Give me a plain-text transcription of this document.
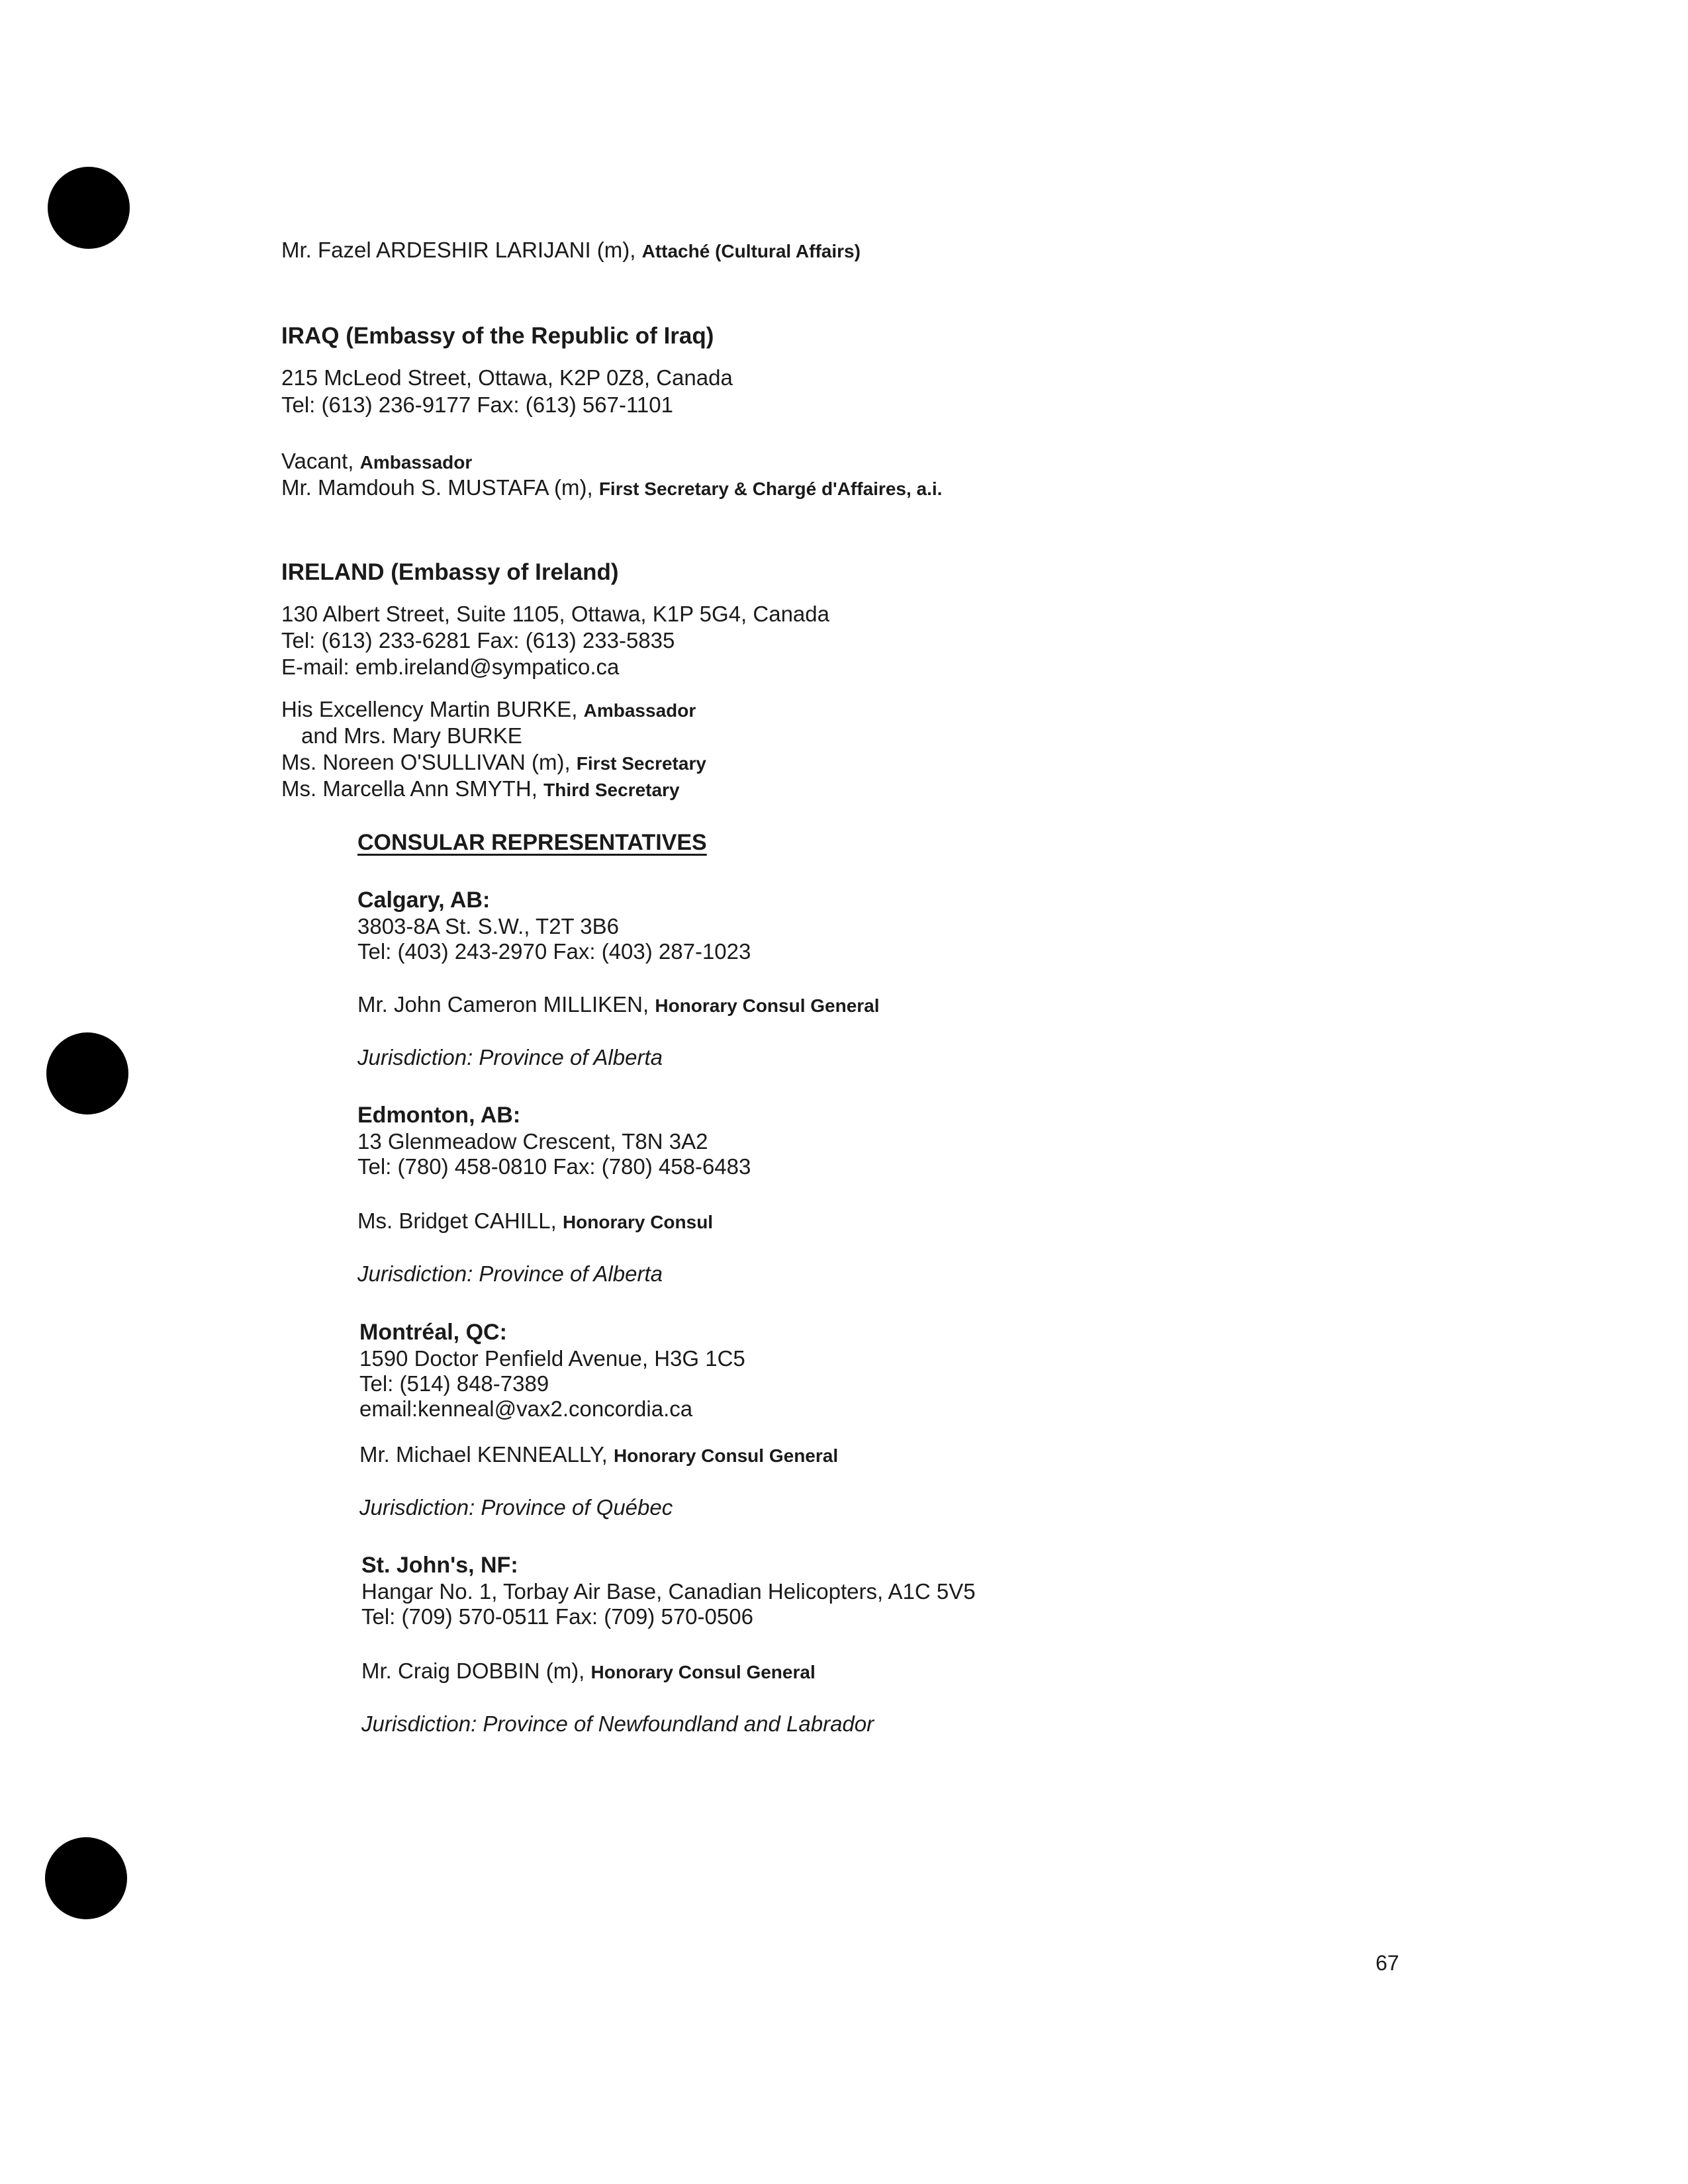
Mr. Fazel ARDESHIR LARIJANI (m), Attaché (Cultural Affairs)
IRAQ (Embassy of the Republic of Iraq)
215 McLeod Street, Ottawa, K2P 0Z8, Canada
Tel: (613) 236-9177 Fax: (613) 567-1101
Vacant, Ambassador
Mr. Mamdouh S. MUSTAFA (m), First Secretary & Chargé d'Affaires, a.i.
IRELAND (Embassy of Ireland)
130 Albert Street, Suite 1105, Ottawa, K1P 5G4, Canada
Tel: (613) 233-6281 Fax: (613) 233-5835
E-mail: emb.ireland@sympatico.ca
His Excellency Martin BURKE, Ambassador
and Mrs. Mary BURKE
Ms. Noreen O'SULLIVAN (m), First Secretary
Ms. Marcella Ann SMYTH, Third Secretary
CONSULAR REPRESENTATIVES
Calgary, AB:
3803-8A St. S.W., T2T 3B6
Tel: (403) 243-2970 Fax: (403) 287-1023
Mr. John Cameron MILLIKEN, Honorary Consul General
Jurisdiction: Province of Alberta
Edmonton, AB:
13 Glenmeadow Crescent, T8N 3A2
Tel: (780) 458-0810 Fax: (780) 458-6483
Ms. Bridget CAHILL, Honorary Consul
Jurisdiction: Province of Alberta
Montréal, QC:
1590 Doctor Penfield Avenue, H3G 1C5
Tel: (514) 848-7389
email:kenneal@vax2.concordia.ca
Mr. Michael KENNEALLY, Honorary Consul General
Jurisdiction: Province of Québec
St. John's, NF:
Hangar No. 1, Torbay Air Base, Canadian Helicopters, A1C 5V5
Tel: (709) 570-0511 Fax: (709) 570-0506
Mr. Craig DOBBIN (m), Honorary Consul General
Jurisdiction: Province of Newfoundland and Labrador
67
